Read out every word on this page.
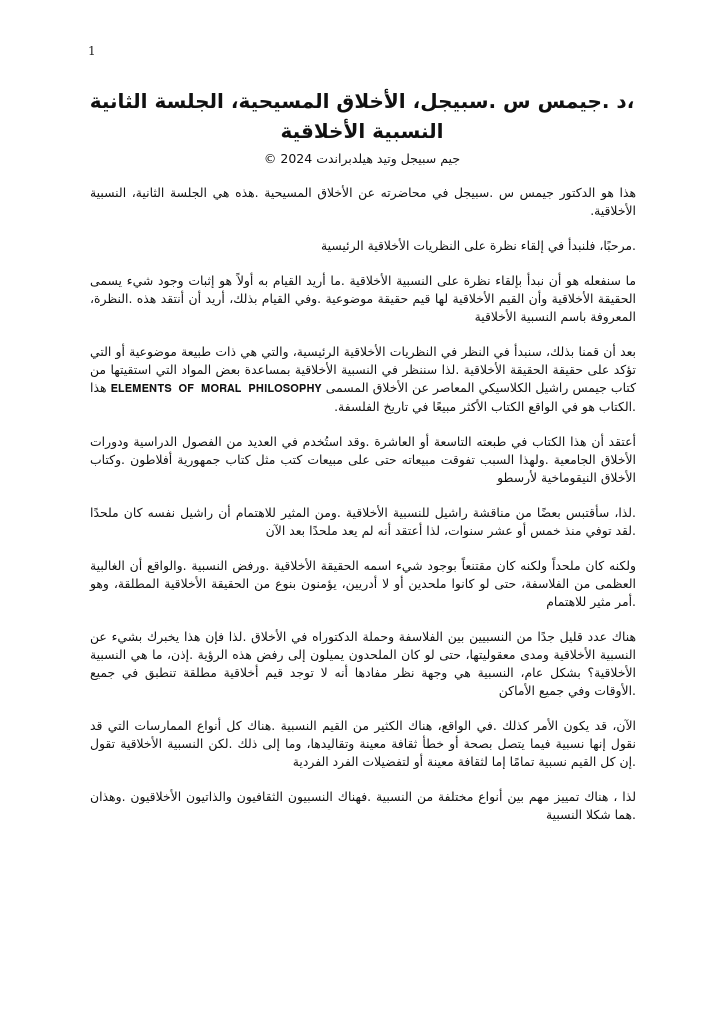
1
،د .جيمس س .سبيجل، الأخلاق المسيحية، الجلسة الثانية
النسبية الأخلاقية
جيم سبيجل وتيد هيلدبراندت 2024 ©

هذا هو الدكتور جيمس س .سبيجل في محاضرته عن الأخلاق المسيحية .هذه هي الجلسة الثانية، النسبية الأخلاقية.

.مرحبًا، فلنبدأ في إلقاء نظرة على النظريات الأخلاقية الرئيسية

ما سنفعله هو أن نبدأ بإلقاء نظرة على النسبية الأخلاقية .ما أريد القيام به أولاً هو إثبات وجود شيء يسمى الحقيقة الأخلاقية وأن القيم الأخلاقية لها قيم حقيقة موضوعية .وفي القيام بذلك، أريد أن أنتقد هذه .النظرة، المعروفة باسم النسبية الأخلاقية

بعد أن قمنا بذلك، سنبدأ في النظر في النظريات الأخلاقية الرئيسية، والتي هي ذات طبيعة موضوعية أو التي تؤكد على حقيقة الحقيقة الأخلاقية .لذا سننظر في النسبية الأخلاقية بمساعدة بعض المواد التي استقيتها من كتاب جيمس راشيل الكلاسيكي المعاصر عن الأخلاق المسمى 𝐄𝐋𝐄𝐌𝐄𝐍𝐓𝐒 𝐎𝐅 𝐌𝐎𝐑𝐀𝐋 𝐏𝐇𝐈𝐋𝐎𝐒𝐎𝐏𝐇𝐘 هذا .الكتاب هو في الواقع الكتاب الأكثر مبيعًا في تاريخ الفلسفة.

أعتقد أن هذا الكتاب في طبعته التاسعة أو العاشرة .وقد استُخدم في العديد من الفصول الدراسية ودورات الأخلاق الجامعية .ولهذا السبب تفوقت مبيعاته حتى على مبيعات كتب مثل كتاب جمهورية أفلاطون .وكتاب الأخلاق النيقوماخية لأرسطو

.لذا، سأقتبس بعضًا من مناقشة راشيل للنسبية الأخلاقية .ومن المثير للاهتمام أن راشيل نفسه كان ملحدًا .لقد توفي منذ خمس أو عشر سنوات، لذا أعتقد أنه لم يعد ملحدًا بعد الآن

ولكنه كان ملحداً ولكنه كان مقتنعاً بوجود شيء اسمه الحقيقة الأخلاقية .ورفض النسبية .والواقع أن الغالبية العظمى من الفلاسفة، حتى لو كانوا ملحدين أو لا أدريين، يؤمنون بنوع من الحقيقة الأخلاقية المطلقة، وهو .أمر مثير للاهتمام

هناك عدد قليل جدًا من النسبيين بين الفلاسفة وحملة الدكتوراه في الأخلاق .لذا فإن هذا يخبرك بشيء عن النسبية الأخلاقية ومدى معقوليتها، حتى لو كان الملحدون يميلون إلى رفض هذه الرؤية .إذن، ما هي النسبية الأخلاقية؟ بشكل عام، النسبية هي وجهة نظر مفادها أنه لا توجد قيم أخلاقية مطلقة تنطبق في جميع .الأوقات وفي جميع الأماكن

الآن، قد يكون الأمر كذلك .في الواقع، هناك الكثير من القيم النسبية .هناك كل أنواع الممارسات التي قد نقول إنها نسبية فيما يتصل بصحة أو خطأ ثقافة معينة وتقاليدها، وما إلى ذلك .لكن النسبية الأخلاقية تقول .إن كل القيم نسبية تمامًا إما لثقافة معينة أو لتفضيلات الفرد الفردية

لذا ، هناك تمييز مهم بين أنواع مختلفة من النسبية .فهناك النسبيون الثقافيون والذاتيون الأخلاقيون .وهذان .هما شكلا النسبية
